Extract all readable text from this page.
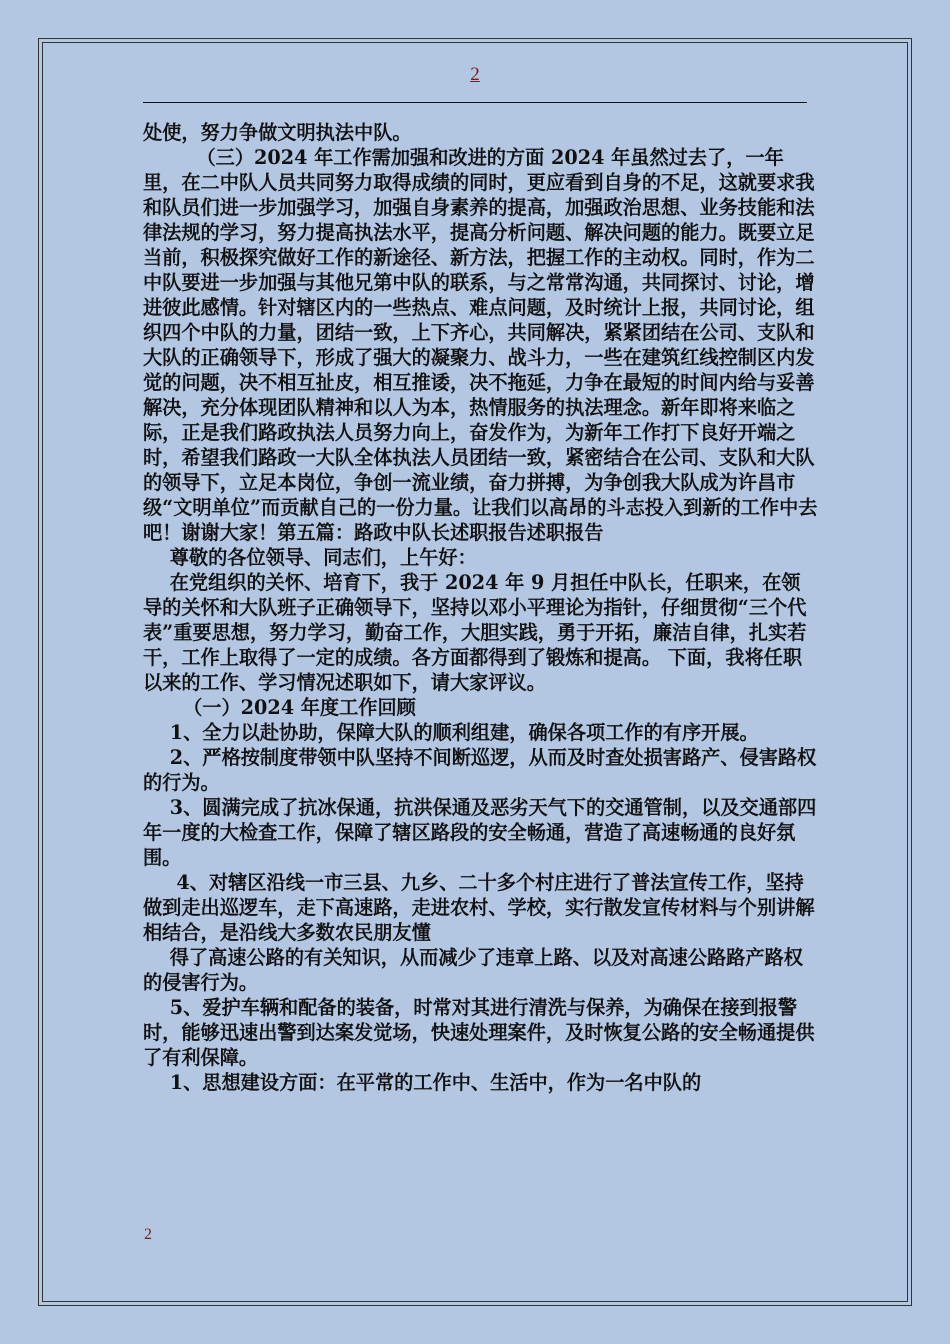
2

处使，努力争做文明执法中队。

（三）2024 年工作需加强和改进的方面 2024 年虽然过去了，一年里，在二中队人员共同努力取得成绩的同时，更应看到自身的不足，这就要求我和队员们进一步加强学习，加强自身素养的提高，加强政治思想、业务技能和法律法规的学习，努力提高执法水平，提高分析问题、解决问题的能力。既要立足当前，积极探究做好工作的新途径、新方法，把握工作的主动权。同时，作为二中队要进一步加强与其他兄第中队的联系，与之常常沟通，共同探讨、讨论，增进彼此感情。针对辖区内的一些热点、难点问题，及时统计上报，共同讨论，组织四个中队的力量，团结一致，上下齐心，共同解决，紧紧团结在公司、支队和大队的正确领导下，形成了强大的凝聚力、战斗力，一些在建筑红线控制区内发觉的问题，决不相互扯皮，相互推诿，决不拖延，力争在最短的时间内给与妥善解决，充分体现团队精神和以人为本，热情服务的执法理念。新年即将来临之际，正是我们路政执法人员努力向上，奋发作为，为新年工作打下良好开端之时，希望我们路政一大队全体执法人员团结一致，紧密结合在公司、支队和大队的领导下，立足本岗位，争创一流业绩，奋力拼搏，为争创我大队成为许昌市级“文明单位”而贡献自己的一份力量。让我们以高昂的斗志投入到新的工作中去吧！谢谢大家！第五篇：路政中队长述职报告述职报告

尊敬的各位领导、同志们，上午好：

在党组织的关怀、培育下，我于 2024 年 9 月担任中队长，任职来，在领导的关怀和大队班子正确领导下，坚持以邓小平理论为指针，仔细贯彻“三个代表”重要思想，努力学习，勤奋工作，大胆实践，勇于开拓，廉洁自律，扎实若干，工作上取得了一定的成绩。各方面都得到了锻炼和提高。 下面，我将任职以来的工作、学习情况述职如下，请大家评议。

（一）2024 年度工作回顾

1、全力以赴协助，保障大队的顺利组建，确保各项工作的有序开展。

2、严格按制度带领中队坚持不间断巡逻，从而及时查处损害路产、侵害路权的行为。

3、圆满完成了抗冰保通，抗洪保通及恶劣天气下的交通管制，以及交通部四年一度的大检查工作，保障了辖区路段的安全畅通，营造了高速畅通的良好氛围。

4、对辖区沿线一市三县、九乡、二十多个村庄进行了普法宣传工作，坚持做到走出巡逻车，走下高速路，走进农村、学校，实行散发宣传材料与个别讲解相结合，是沿线大多数农民朋友懂

得了高速公路的有关知识，从而减少了违章上路、以及对高速公路路产路权的侵害行为。

5、爱护车辆和配备的装备，时常对其进行清洗与保养，为确保在接到报警时，能够迅速出警到达案发觉场，快速处理案件，及时恢复公路的安全畅通提供了有利保障。

1、思想建设方面：在平常的工作中、生活中，作为一名中队的

2
